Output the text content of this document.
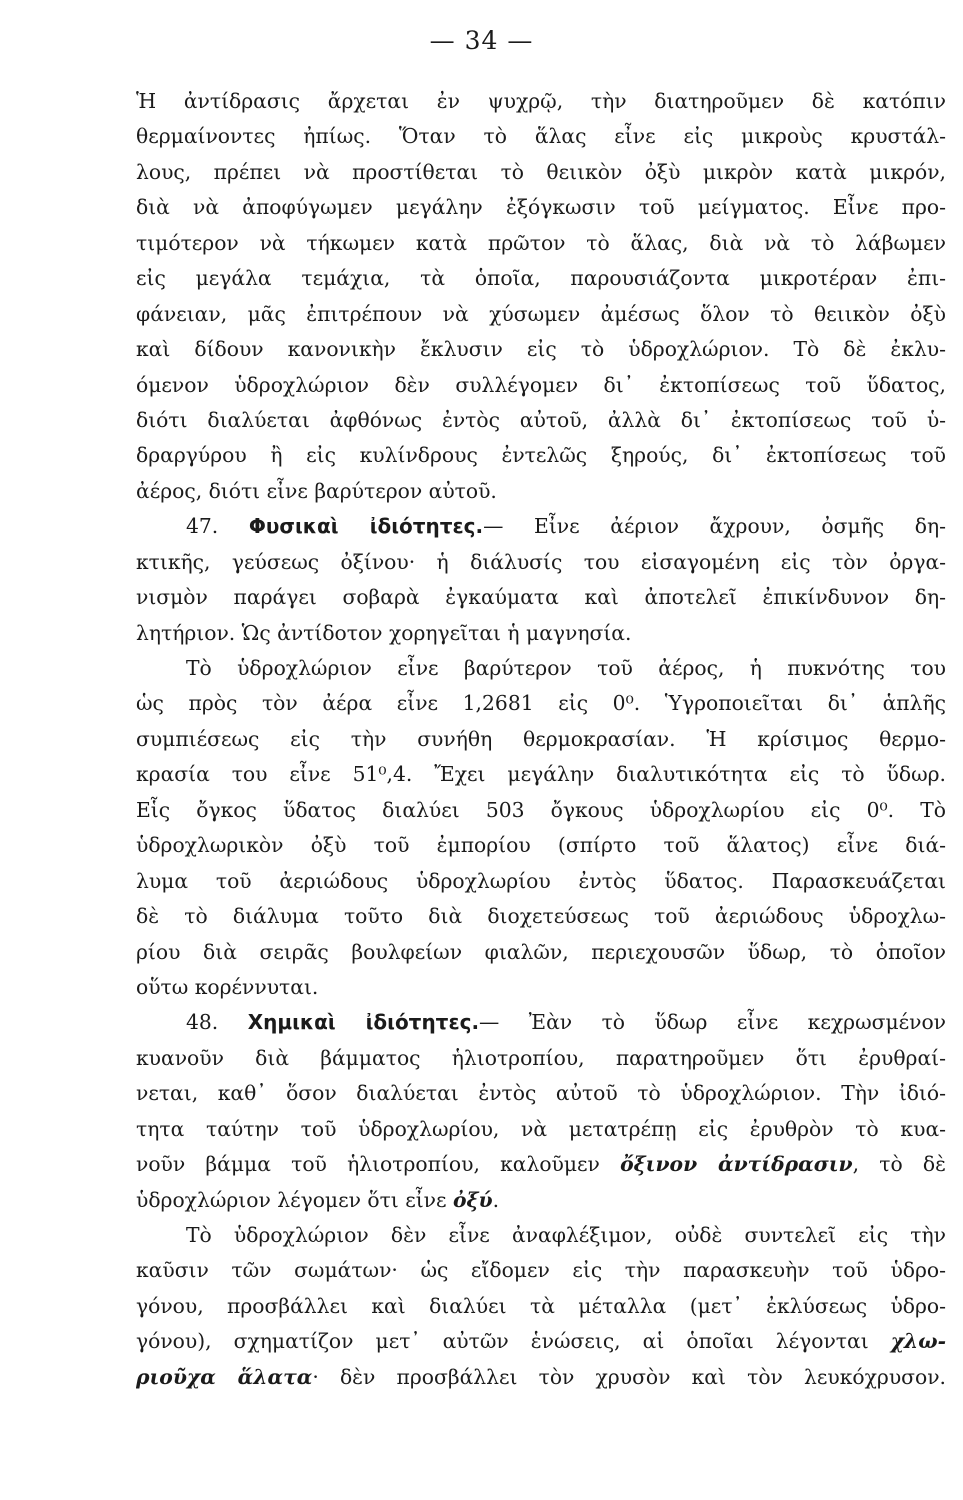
— 34 —
Ἡ ἀντίδρασις ἄρχεται ἐν ψυχρῷ, τὴν διατηροῦμεν δὲ κατόπιν
θερμαίνοντες ἠπίως. Ὅταν τὸ ἅλας εἶνε εἰς μικροὺς κρυστάλ-
λους, πρέπει νὰ προστίθεται τὸ θειικὸν ὀξὺ μικρὸν κατὰ μικρόν,
διὰ νὰ ἀποφύγωμεν μεγάλην ἐξόγκωσιν τοῦ μείγματος. Εἶνε προ-
τιμότερον νὰ τήκωμεν κατὰ πρῶτον τὸ ἅλας, διὰ νὰ τὸ λάβωμεν
εἰς μεγάλα τεμάχια, τὰ ὁποῖα, παρουσιάζοντα μικροτέραν ἐπι-
φάνειαν, μᾶς ἐπιτρέπουν νὰ χύσωμεν ἀμέσως ὅλον τὸ θειικὸν ὀξὺ
καὶ δίδουν κανονικὴν ἔκλυσιν εἰς τὸ ὑδροχλώριον. Τὸ δὲ ἐκλυ-
όμενον ὑδροχλώριον δὲν συλλέγομεν δι᾽ ἐκτοπίσεως τοῦ ὕδατος,
διότι διαλύεται ἀφθόνως ἐντὸς αὐτοῦ, ἀλλὰ δι᾽ ἐκτοπίσεως τοῦ ὑ-
δραργύρου ἢ εἰς κυλίνδρους ἐντελῶς ξηρούς, δι᾽ ἐκτοπίσεως τοῦ
ἀέρος, διότι εἶνε βαρύτερον αὐτοῦ.
47. Φυσικαὶ ἰδιότητες.— Εἶνε ἀέριον ἄχρουν, ὀσμῆς δη-
κτικῆς, γεύσεως ὀξίνου· ἡ διάλυσίς του εἰσαγομένη εἰς τὸν ὀργα-
νισμὸν παράγει σοβαρὰ ἐγκαύματα καὶ ἀποτελεῖ ἐπικίνδυνον δη-
λητήριον. Ὡς ἀντίδοτον χορηγεῖται ἡ μαγνησία.
Τὸ ὑδροχλώριον εἶνε βαρύτερον τοῦ ἀέρος, ἡ πυκνότης του
ὡς πρὸς τὸν ἀέρα εἶνε 1,2681 εἰς 0⁰. Ὑγροποιεῖται δι᾽ ἁπλῆς
συμπιέσεως εἰς τὴν συνήθη θερμοκρασίαν. Ἡ κρίσιμος θερμο-
κρασία του εἶνε 51⁰,4. Ἔχει μεγάλην διαλυτικότητα εἰς τὸ ὕδωρ.
Εἷς ὄγκος ὕδατος διαλύει 503 ὄγκους ὑδροχλωρίου εἰς 0⁰. Τὸ
ὑδροχλωρικὸν ὀξὺ τοῦ ἐμπορίου (σπίρτο τοῦ ἅλατος) εἶνε διά-
λυμα τοῦ ἀεριώδους ὑδροχλωρίου ἐντὸς ὕδατος. Παρασκευάζεται
δὲ τὸ διάλυμα τοῦτο διὰ διοχετεύσεως τοῦ ἀεριώδους ὑδροχλω-
ρίου διὰ σειρᾶς βουλφείων φιαλῶν, περιεχουσῶν ὕδωρ, τὸ ὁποῖον
οὕτω κορέννυται.
48. Χημικαὶ ἰδιότητες.— Ἐὰν τὸ ὕδωρ εἶνε κεχρωσμένον
κυανοῦν διὰ βάμματος ἡλιοτροπίου, παρατηροῦμεν ὅτι ἐρυθραί-
νεται, καθ᾽ ὅσον διαλύεται ἐντὸς αὐτοῦ τὸ ὑδροχλώριον. Τὴν ἰδιό-
τητα ταύτην τοῦ ὑδροχλωρίου, νὰ μετατρέπῃ εἰς ἐρυθρὸν τὸ κυα-
νοῦν βάμμα τοῦ ἡλιοτροπίου, καλοῦμεν ὄξινον ἀντίδρασιν, τὸ δὲ
ὑδροχλώριον λέγομεν ὅτι εἶνε ὀξύ.
Τὸ ὑδροχλώριον δὲν εἶνε ἀναφλέξιμον, οὐδὲ συντελεῖ εἰς τὴν
καῦσιν τῶν σωμάτων· ὡς εἴδομεν εἰς τὴν παρασκευὴν τοῦ ὑδρο-
γόνου, προσβάλλει καὶ διαλύει τὰ μέταλλα (μετ᾽ ἐκλύσεως ὑδρο-
γόνου), σχηματίζον μετ᾽ αὐτῶν ἑνώσεις, αἱ ὁποῖαι λέγονται χλω-
ριοῦχα ἅλατα· δὲν προσβάλλει τὸν χρυσὸν καὶ τὸν λευκόχρυσον.
